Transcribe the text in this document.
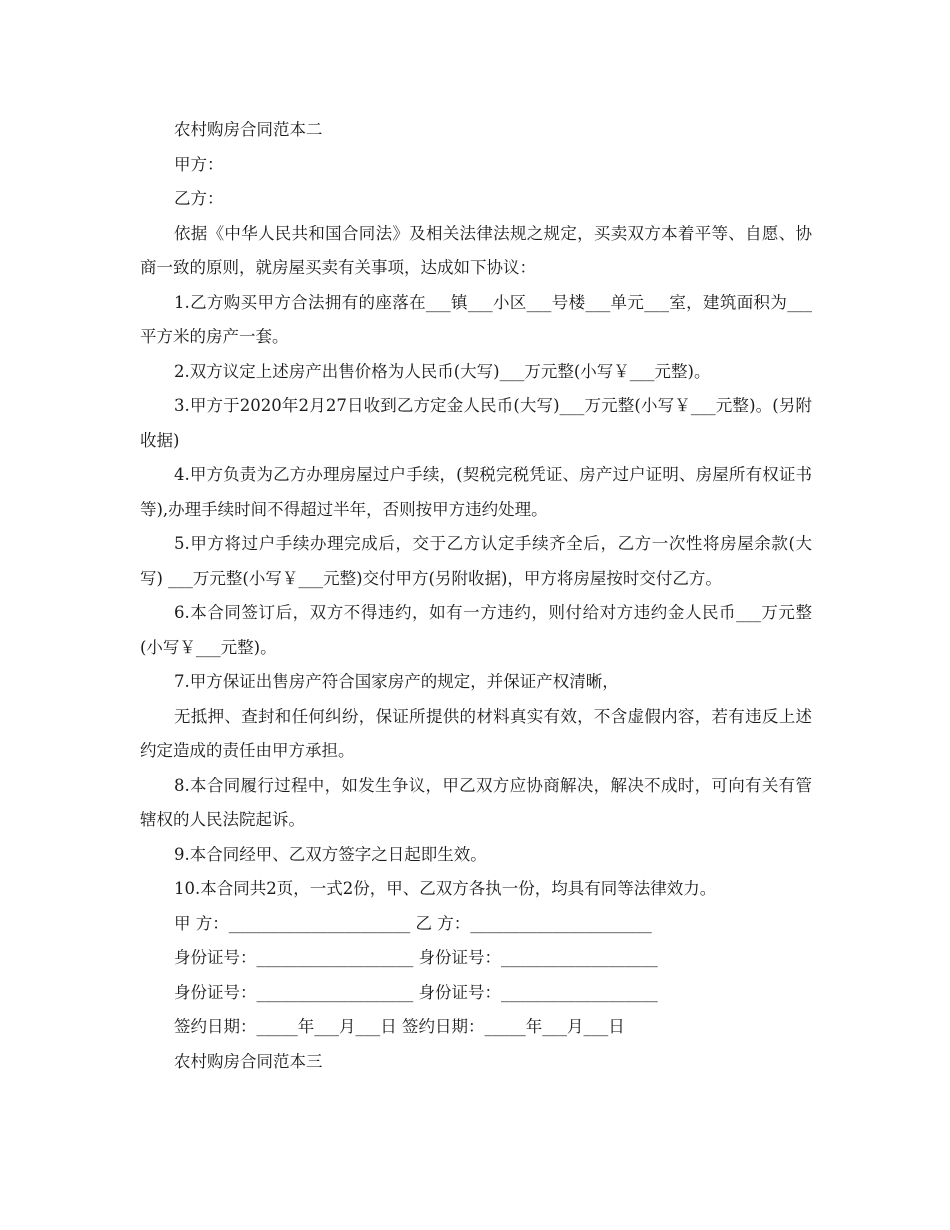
农村购房合同范本二

甲方：

乙方：

依据《中华人民共和国合同法》及相关法律法规之规定，买卖双方本着平等、自愿、协商一致的原则，就房屋买卖有关事项，达成如下协议：

1.乙方购买甲方合法拥有的座落在___镇___小区___号楼___单元___室，建筑面积为___平方米的房产一套。

2.双方议定上述房产出售价格为人民币(大写)___万元整(小写￥___元整)。

3.甲方于2020年2月27日收到乙方定金人民币(大写)___万元整(小写￥___元整)。(另附收据)

4.甲方负责为乙方办理房屋过户手续，(契税完税凭证、房产过户证明、房屋所有权证书等),办理手续时间不得超过半年，否则按甲方违约处理。

5.甲方将过户手续办理完成后，交于乙方认定手续齐全后，乙方一次性将房屋余款(大写) ___万元整(小写￥___元整)交付甲方(另附收据)，甲方将房屋按时交付乙方。

6.本合同签订后，双方不得违约，如有一方违约，则付给对方违约金人民币___万元整(小写￥___元整)。

7.甲方保证出售房产符合国家房产的规定，并保证产权清晰，

无抵押、查封和任何纠纷，保证所提供的材料真实有效，不含虚假内容，若有违反上述约定造成的责任由甲方承担。

8.本合同履行过程中，如发生争议，甲乙双方应协商解决，解决不成时，可向有关有管辖权的人民法院起诉。

9.本合同经甲、乙双方签字之日起即生效。

10.本合同共2页，一式2份，甲、乙双方各执一份，均具有同等法律效力。

甲 方：______________________ 乙 方：______________________

身份证号：___________________ 身份证号：___________________

身份证号：___________________ 身份证号：___________________

签约日期：_____年___月___日 签约日期：_____年___月___日

农村购房合同范本三
